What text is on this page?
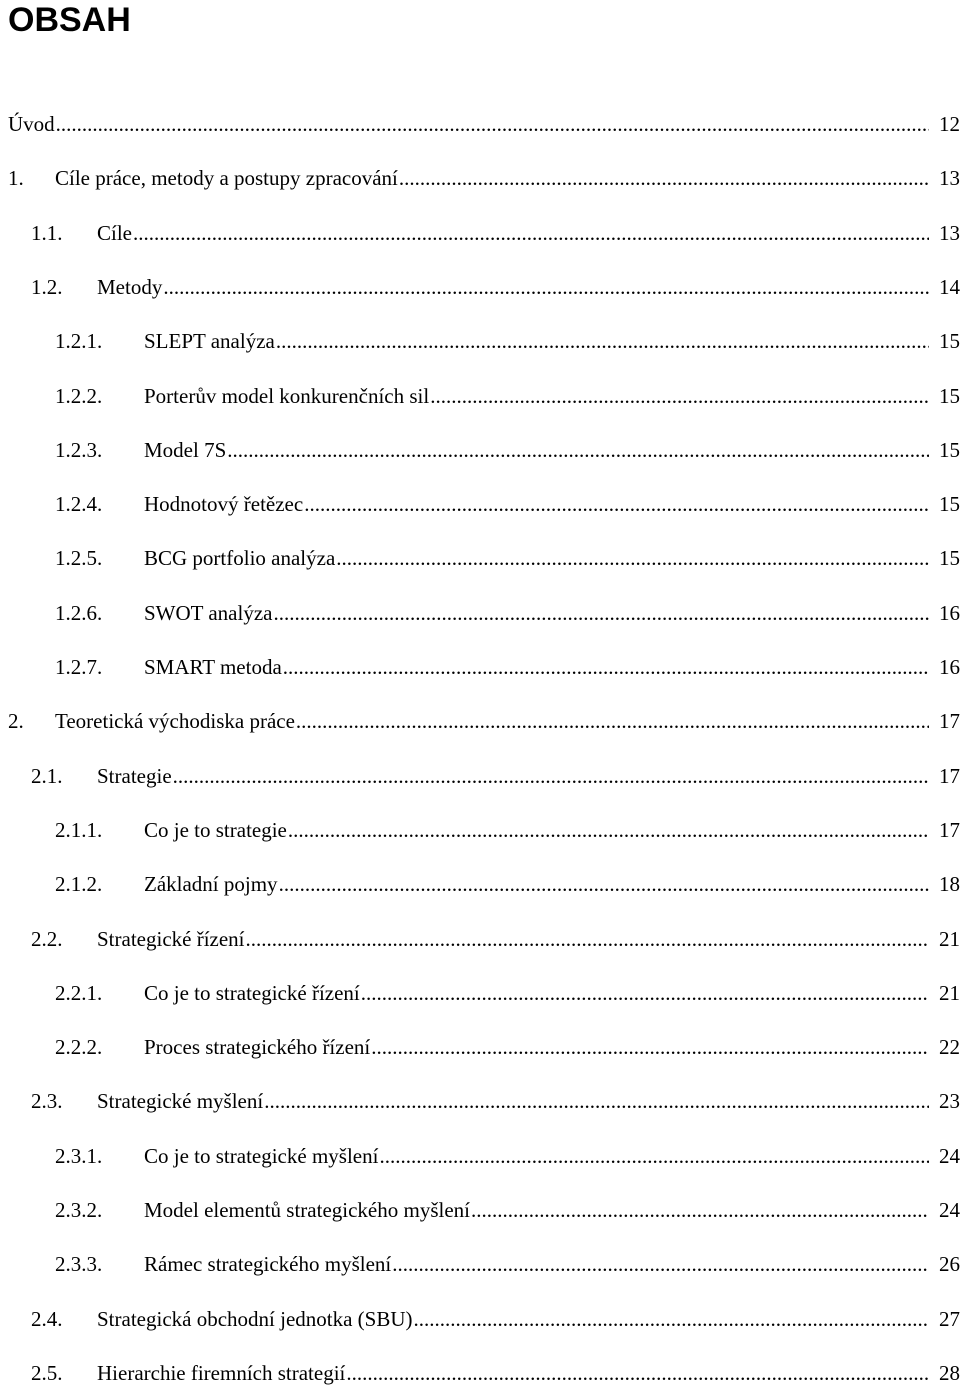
OBSAH
Úvod .....	12
1. Cíle práce, metody a postupy zpracování .....	13
1.1. Cíle .....	13
1.2. Metody .....	14
1.2.1. SLEPT analýza .....	15
1.2.2. Porterův model konkurenčních sil .....	15
1.2.3. Model 7S .....	15
1.2.4. Hodnotový řetězec .....	15
1.2.5. BCG portfolio analýza .....	15
1.2.6. SWOT analýza .....	16
1.2.7. SMART metoda .....	16
2. Teoretická východiska práce .....	17
2.1. Strategie .....	17
2.1.1. Co je to strategie .....	17
2.1.2. Základní pojmy .....	18
2.2. Strategické řízení .....	21
2.2.1. Co je to strategické řízení .....	21
2.2.2. Proces strategického řízení .....	22
2.3. Strategické myšlení .....	23
2.3.1. Co je to strategické myšlení .....	24
2.3.2. Model elementů strategického myšlení .....	24
2.3.3. Rámec strategického myšlení .....	26
2.4. Strategická obchodní jednotka (SBU) .....	27
2.5. Hierarchie firemních strategií .....	28
